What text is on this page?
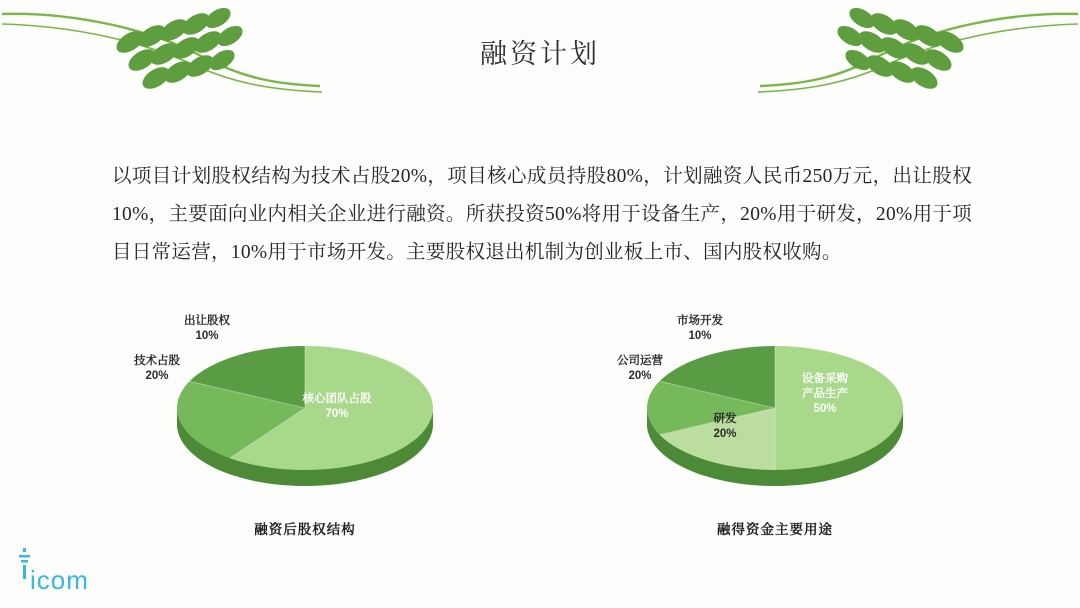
融资计划
以项目计划股权结构为技术占股20%，项目核心成员持股80%，计划融资人民币250万元，出让股权10%，主要面向业内相关企业进行融资。所获投资50%将用于设备生产，20%用于研发，20%用于项目日常运营，10%用于市场开发。主要股权退出机制为创业板上市、国内股权收购。
出让股权
10%
技术占股
20%
核心团队占股
70%
融资后股权结构
市场开发
10%
公司运营
20%	设备采购
产品生产
50%
研发
20%
融得资金主要用途
icom
